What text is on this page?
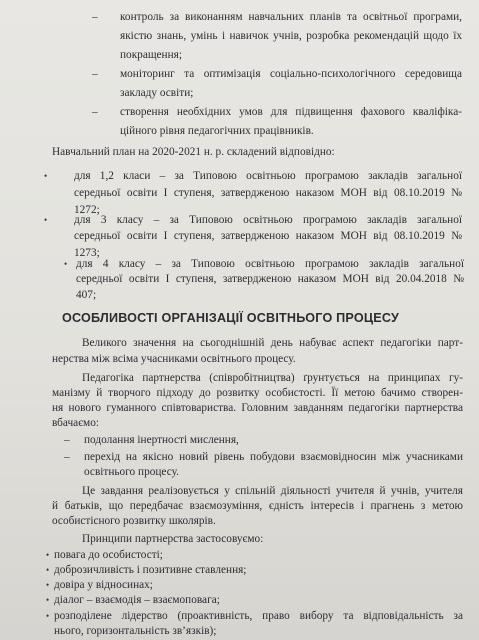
– контроль за виконанням навчальних планів та освітньої програми,
якістю знань, умінь і навичок учнів, розробка рекомендацій щодо їх
покращення;
– моніторинг та оптимізація соціально-психологічного середовища
закладу освіти;
– створення необхідних умов для підвищення фахового кваліфіка-
ційного рівня педагогічних працівників.
Навчальний план на 2020-2021 н. р. складений відповідно:
• для 1,2 класи – за Типовою освітньою програмою закладів загальної
середньої освіти І ступеня, затвердженою наказом МОН від 08.10.2019 №
1272;
• для 3 класу – за Типовою освітньою програмою закладів загальної
середньої освіти І ступеня, затвердженою наказом МОН від 08.10.2019 №
1273;
• для 4 класу – за Типовою освітньою програмою закладів загальної
середньої освіти І ступеня, затвердженою наказом МОН від 20.04.2018 №
407;
ОСОБЛИВОСТІ ОРГАНІЗАЦІЇ ОСВІТНЬОГО ПРОЦЕСУ
Великого значення на сьогоднішній день набуває аспект педагогіки парт-
нерства між всіма учасниками освітнього процесу.
Педагогіка партнерства (співробітництва) ґрунтується на принципах гу-
манізму й творчого підходу до розвитку особистості. Її метою бачимо створен-
ня нового гуманного співтовариства. Головним завданням педагогіки партнерства
вбачаємо:
– подолання інертності мислення,
– перехід на якісно новий рівень побудови взаємовідносин між учасниками
освітнього процесу.
Це завдання реалізовується у спільній діяльності учителя й учнів, учителя
й батьків, що передбачає взаємозуміння, єдність інтересів і прагнень з метою
особистісного розвитку школярів.
Принципи партнерства застосовуємо:
• повага до особистості;
• доброзичливість і позитивне ставлення;
• довіра у відносинах;
• діалог – взаємодія – взаємоповага;
• розподілене лідерство (проактивність, право вибору та відповідальність за
нього, горизонтальність зв’язків);
